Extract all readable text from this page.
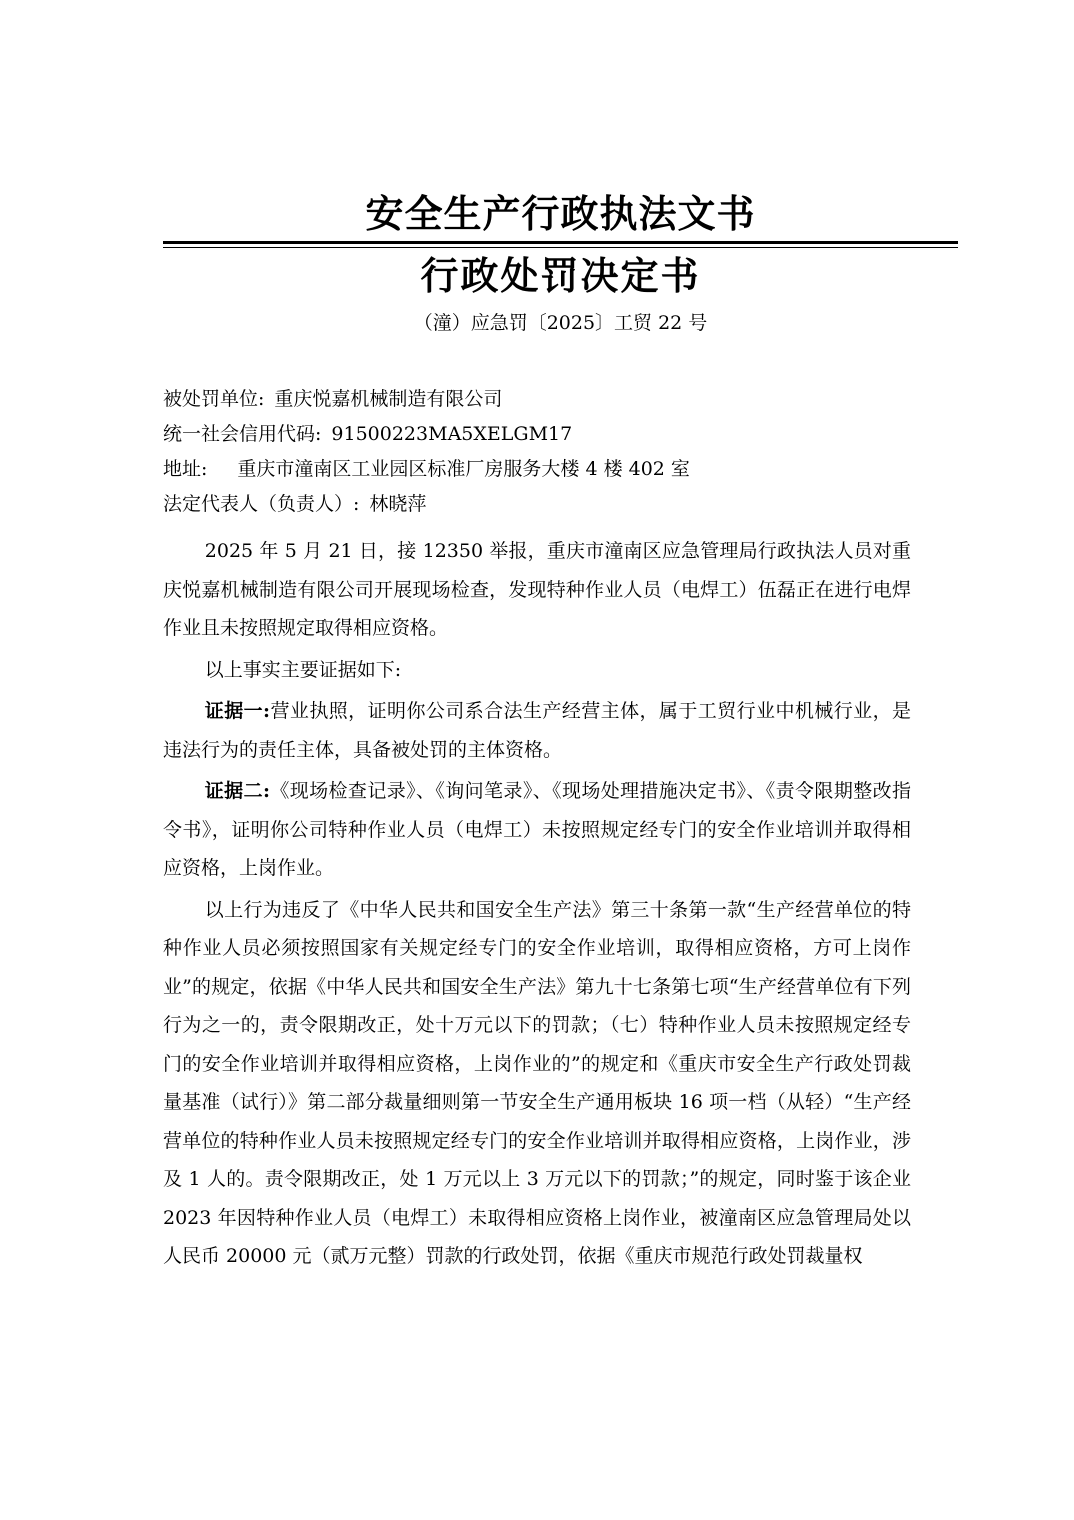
安全生产行政执法文书
行政处罚决定书
（潼）应急罚〔2025〕工贸 22 号
被处罚单位: 重庆悦嘉机械制造有限公司
统一社会信用代码: 91500223MA5XELGM17
地址: 重庆市潼南区工业园区标准厂房服务大楼 4 楼 402 室
法定代表人（负责人）: 林晓萍

2025 年 5 月 21 日，接 12350 举报，重庆市潼南区应急管理局行政执法人员对重庆悦嘉机械制造有限公司开展现场检查，发现特种作业人员（电焊工）伍磊正在进行电焊作业且未按照规定取得相应资格。

以上事实主要证据如下:

证据一:营业执照，证明你公司系合法生产经营主体，属于工贸行业中机械行业，是违法行为的责任主体，具备被处罚的主体资格。

证据二:《现场检查记录》、《询问笔录》、《现场处理措施决定书》、《责令限期整改指令书》，证明你公司特种作业人员（电焊工）未按照规定经专门的安全作业培训并取得相应资格，上岗作业。

以上行为违反了《中华人民共和国安全生产法》第三十条第一款“生产经营单位的特种作业人员必须按照国家有关规定经专门的安全作业培训，取得相应资格，方可上岗作业”的规定，依据《中华人民共和国安全生产法》第九十七条第七项“生产经营单位有下列行为之一的，责令限期改正，处十万元以下的罚款；（七）特种作业人员未按照规定经专门的安全作业培训并取得相应资格，上岗作业的”的规定和《重庆市安全生产行政处罚裁量基准（试行）》第二部分裁量细则第一节安全生产通用板块 16 项一档（从轻）“生产经营单位的特种作业人员未按照规定经专门的安全作业培训并取得相应资格，上岗作业，涉及 1 人的。责令限期改正，处 1 万元以上 3 万元以下的罚款；”的规定，同时鉴于该企业 2023 年因特种作业人员（电焊工）未取得相应资格上岗作业，被潼南区应急管理局处以人民币 20000 元（贰万元整）罚款的行政处罚，依据《重庆市规范行政处罚裁量权
